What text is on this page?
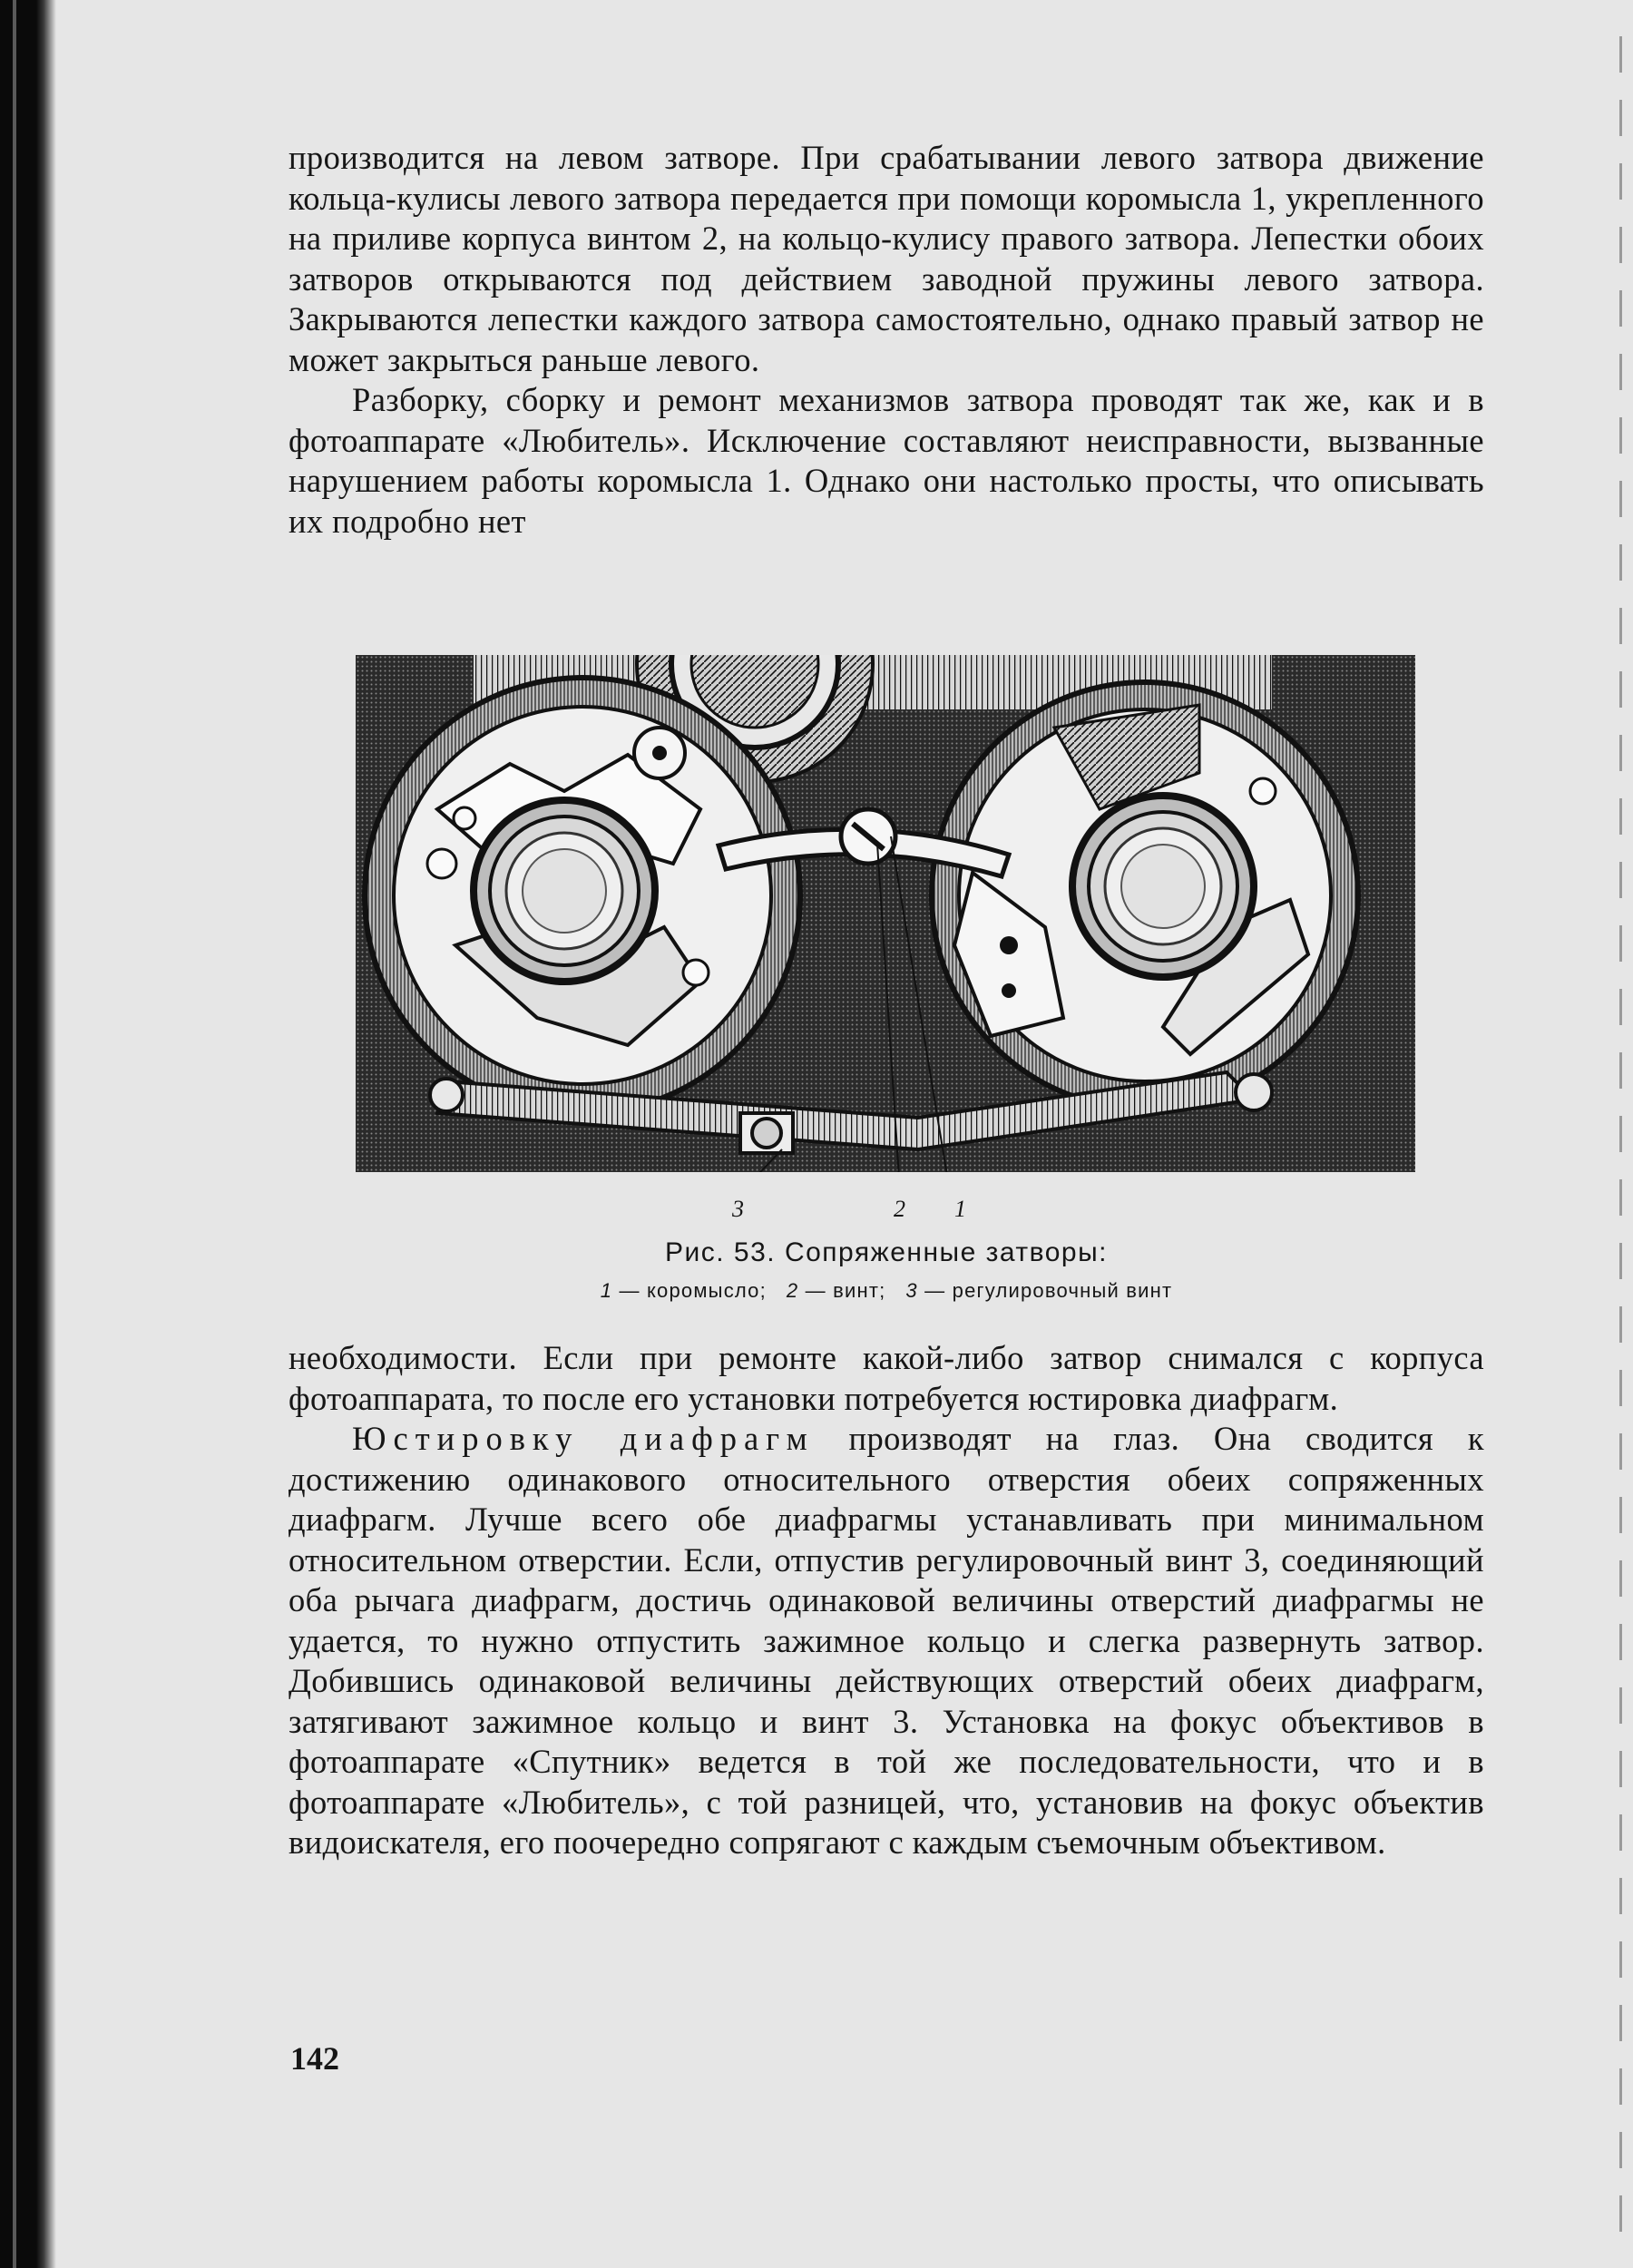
производится на левом затворе. При срабатывании левого затвора движение кольца-кулисы левого затвора передается при помощи коромысла 1, укрепленного на приливе корпуса винтом 2, на кольцо-кулису правого затвора. Лепестки обоих затворов открываются под действием заводной пружины левого затвора. Закрываются лепестки каждого затвора самостоятельно, однако правый затвор не может закрыться раньше левого.

Разборку, сборку и ремонт механизмов затвора проводят так же, как и в фотоаппарате «Любитель». Исключение составляют неисправности, вызванные нарушением работы коромысла 1. Однако они настолько просты, что описывать их подробно нет

3	2 1
Рис. 53. Сопряженные затворы:
1 — коромысло; 2 — винт; 3 — регулировочный винт

необходимости. Если при ремонте какой-либо затвор снимался с корпуса фотоаппарата, то после его установки потребуется юстировка диафрагм.

Юстировку диафрагм производят на глаз. Она сводится к достижению одинакового относительного отверстия обеих сопряженных диафрагм. Лучше всего обе диафрагмы устанавливать при минимальном относительном отверстии. Если, отпустив регулировочный винт 3, соединяющий оба рычага диафрагм, достичь одинаковой величины отверстий диафрагмы не удается, то нужно отпустить зажимное кольцо и слегка развернуть затвор. Добившись одинаковой величины действующих отверстий обеих диафрагм, затягивают зажимное кольцо и винт 3. Установка на фокус объективов в фотоаппарате «Спутник» ведется в той же последовательности, что и в фотоаппарате «Любитель», с той разницей, что, установив на фокус объектив видоискателя, его поочередно сопрягают с каждым съемочным объективом.

142
